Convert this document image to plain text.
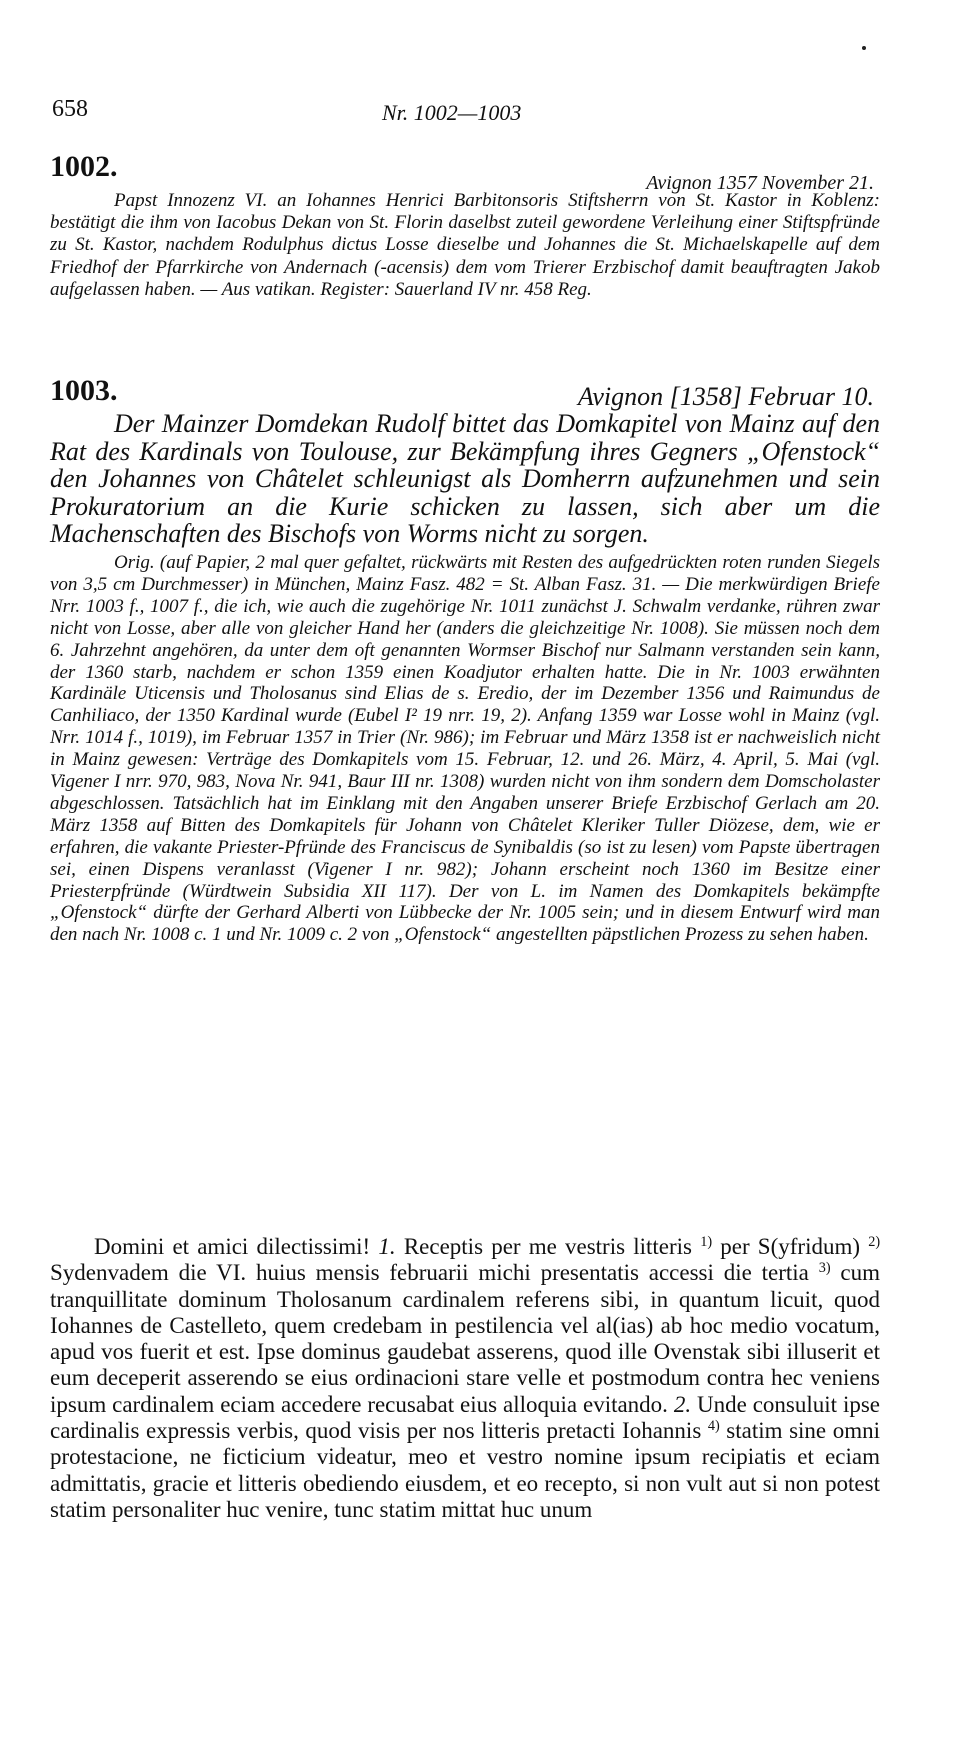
658	Nr. 1002—1003
1002.	Avignon 1357 November 21.
Papst Innozenz VI. an Iohannes Henrici Barbitonsoris Stiftsherrn von St. Kastor in Koblenz: bestätigt die ihm von Iacobus Dekan von St. Florin daselbst zuteil gewordene Verleihung einer Stiftspfründe zu St. Kastor, nachdem Rodulphus dictus Losse dieselbe und Johannes die St. Michaelskapelle auf dem Friedhof der Pfarrkirche von Andernach (-acensis) dem vom Trierer Erzbischof damit beauftragten Jakob aufgelassen haben. — Aus vatikan. Register: Sauerland IV nr. 458 Reg.
1003.	Avignon [1358] Februar 10.
Der Mainzer Domdekan Rudolf bittet das Domkapitel von Mainz auf den Rat des Kardinals von Toulouse, zur Bekämpfung ihres Gegners „Ofenstock“ den Johannes von Châtelet schleunigst als Domherrn aufzunehmen und sein Prokuratorium an die Kurie schicken zu lassen, sich aber um die Machenschaften des Bischofs von Worms nicht zu sorgen.
Orig. (auf Papier, 2 mal quer gefaltet, rückwärts mit Resten des aufgedrückten roten runden Siegels von 3,5 cm Durchmesser) in München, Mainz Fasz. 482 = St. Alban Fasz. 31. — Die merkwürdigen Briefe Nrr. 1003 f., 1007 f., die ich, wie auch die zugehörige Nr. 1011 zunächst J. Schwalm verdanke, rühren zwar nicht von Losse, aber alle von gleicher Hand her (anders die gleichzeitige Nr. 1008). Sie müssen noch dem 6. Jahrzehnt angehören, da unter dem oft genannten Wormser Bischof nur Salmann verstanden sein kann, der 1360 starb, nachdem er schon 1359 einen Koadjutor erhalten hatte. Die in Nr. 1003 erwähnten Kardinäle Uticensis und Tholosanus sind Elias de s. Eredio, der im Dezember 1356 und Raimundus de Canhiliaco, der 1350 Kardinal wurde (Eubel I² 19 nrr. 19, 2). Anfang 1359 war Losse wohl in Mainz (vgl. Nrr. 1014 f., 1019), im Februar 1357 in Trier (Nr. 986); im Februar und März 1358 ist er nachweislich nicht in Mainz gewesen: Verträge des Domkapitels vom 15. Februar, 12. und 26. März, 4. April, 5. Mai (vgl. Vigener I nrr. 970, 983, Nova Nr. 941, Baur III nr. 1308) wurden nicht von ihm sondern dem Domscholaster abgeschlossen. Tatsächlich hat im Einklang mit den Angaben unserer Briefe Erzbischof Gerlach am 20. März 1358 auf Bitten des Domkapitels für Johann von Châtelet Kleriker Tuller Diözese, dem, wie er erfahren, die vakante Priester-Pfründe des Franciscus de Synibaldis (so ist zu lesen) vom Papste übertragen sei, einen Dispens veranlasst (Vigener I nr. 982); Johann erscheint noch 1360 im Besitze einer Priesterpfründe (Würdtwein Subsidia XII 117). Der von L. im Namen des Domkapitels bekämpfte „Ofenstock“ dürfte der Gerhard Alberti von Lübbecke der Nr. 1005 sein; und in diesem Entwurf wird man den nach Nr. 1008 c. 1 und Nr. 1009 c. 2 von „Ofenstock“ angestellten päpstlichen Prozess zu sehen haben.
Domini et amici dilectissimi! 1. Receptis per me vestris litteris $^{1)}$ per S(yfridum) $^{2)}$ Sydenvadem die VI. huius mensis februarii michi presentatis accessi die tertia $^{3)}$ cum tranquillitate dominum Tholosanum cardinalem referens sibi, in quantum licuit, quod Iohannes de Castelleto, quem credebam in pestilencia vel al(ias) ab hoc medio vocatum, apud vos fuerit et est. Ipse dominus gaudebat asserens, quod ille Ovenstak sibi illuserit et eum deceperit asserendo se eius ordinacioni stare velle et postmodum contra hec veniens ipsum cardinalem eciam accedere recusabat eius alloquia evitando. 2. Unde consuluit ipse cardinalis expressis verbis, quod visis per nos litteris pretacti Iohannis $^{4)}$ statim sine omni protestacione, ne ficticium videatur, meo et vestro nomine ipsum recipiatis et eciam admittatis, gracie et litteris obediendo eiusdem, et eo recepto, si non vult aut si non potest statim personaliter huc venire, tunc statim mittat huc unum
